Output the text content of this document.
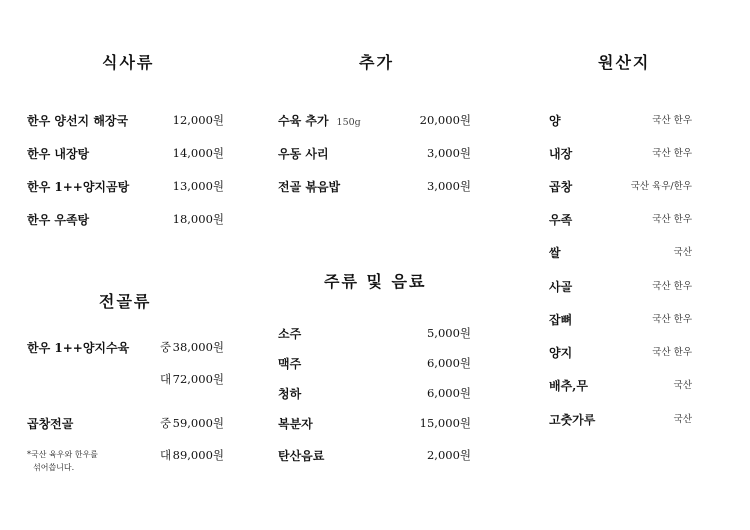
식사류
한우 양선지 해장국	12,000원
한우 내장탕	14,000원
한우 1++양지곰탕	13,000원
한우 우족탕	18,000원
전골류
한우 1++양지수육	중 38,000원
대 72,000원
곱창전골	중 59,000원
대 89,000원
*국산 육우와 한우를
섞어씁니다.
추가
수육 추가 150g	20,000원
우동 사리	3,000원
전골 볶음밥	3,000원
주류 및 음료
소주	5,000원
맥주	6,000원
청하	6,000원
복분자	15,000원
탄산음료	2,000원
원산지
양	국산 한우
내장	국산 한우
곱창	국산 육우/한우
우족	국산 한우
쌀	국산
사골	국산 한우
잡뼈	국산 한우
양지	국산 한우
배추,무	국산
고춧가루	국산
